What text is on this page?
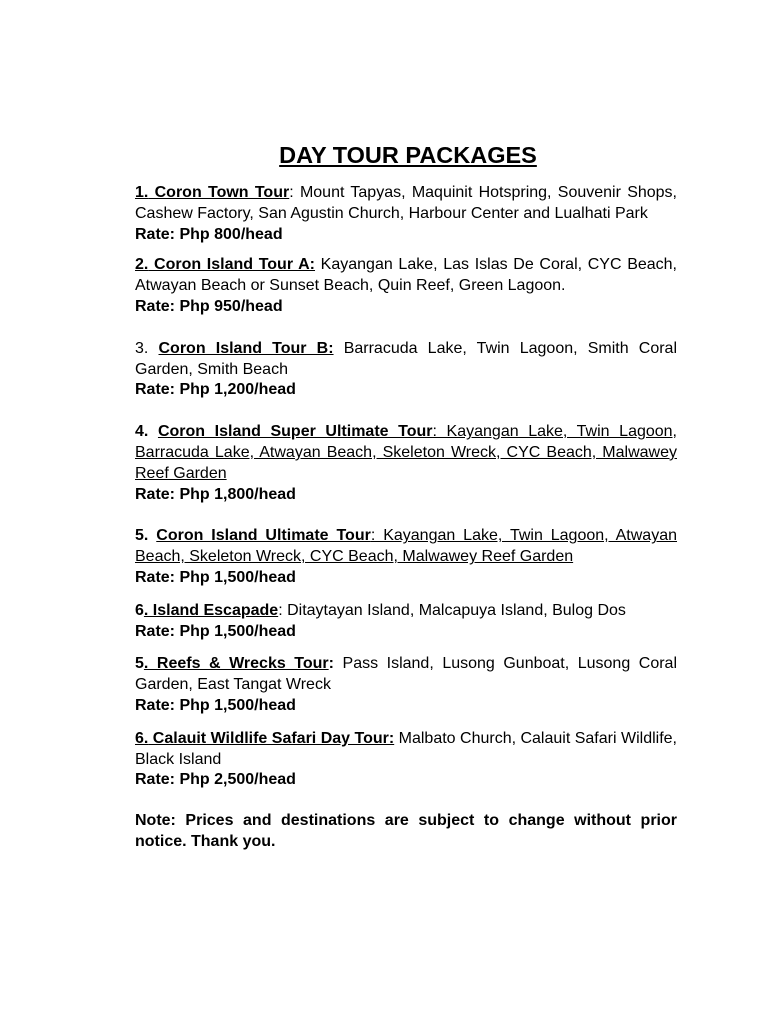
DAY TOUR PACKAGES

1. Coron Town Tour: Mount Tapyas, Maquinit Hotspring, Souvenir Shops, Cashew Factory, San Agustin Church, Harbour Center and Lualhati Park
Rate: Php 800/head

2. Coron Island Tour A: Kayangan Lake, Las Islas De Coral, CYC Beach, Atwayan Beach or Sunset Beach, Quin Reef, Green Lagoon.
Rate: Php 950/head

3. Coron Island Tour B: Barracuda Lake, Twin Lagoon, Smith Coral Garden, Smith Beach
Rate: Php 1,200/head

4. Coron Island Super Ultimate Tour: Kayangan Lake, Twin Lagoon, Barracuda Lake, Atwayan Beach, Skeleton Wreck, CYC Beach, Malwawey Reef Garden
Rate: Php 1,800/head

5. Coron Island Ultimate Tour: Kayangan Lake, Twin Lagoon, Atwayan Beach, Skeleton Wreck, CYC Beach, Malwawey Reef Garden
Rate: Php 1,500/head

6. Island Escapade: Ditaytayan Island, Malcapuya Island, Bulog Dos
Rate: Php 1,500/head

5. Reefs & Wrecks Tour: Pass Island, Lusong Gunboat, Lusong Coral Garden, East Tangat Wreck
Rate: Php 1,500/head

6. Calauit Wildlife Safari Day Tour: Malbato Church, Calauit Safari Wildlife, Black Island
Rate: Php 2,500/head

Note: Prices and destinations are subject to change without prior notice. Thank you.
